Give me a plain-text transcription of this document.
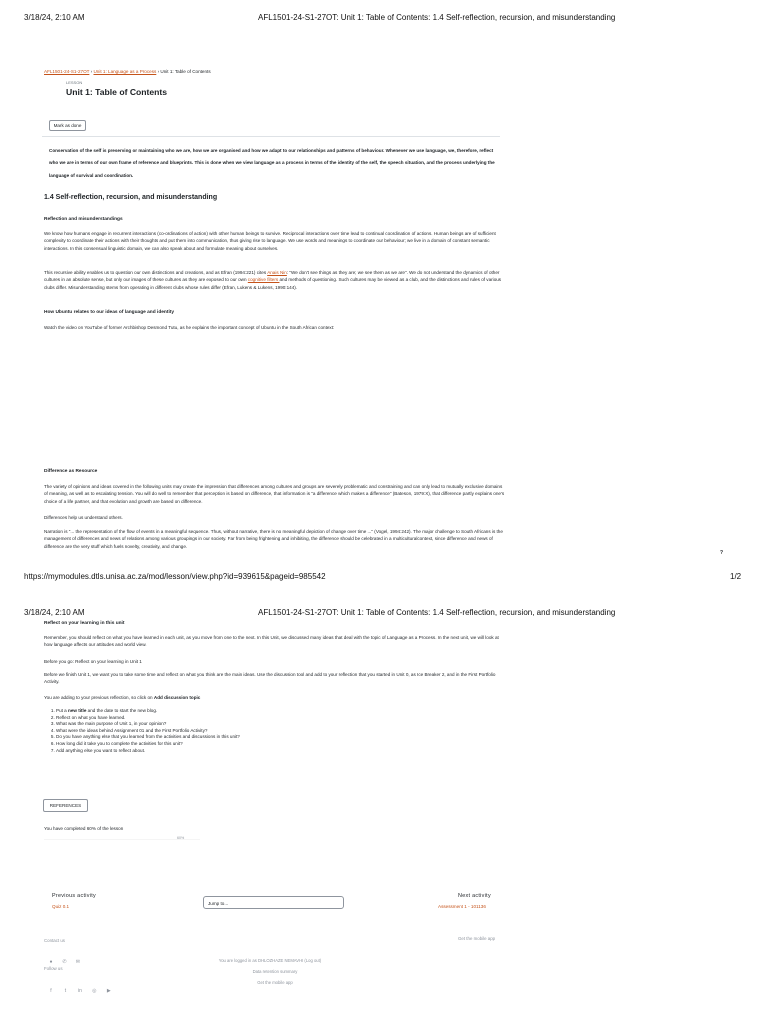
3/18/24, 2:10 AM	AFL1501-24-S1-27OT: Unit 1: Table of Contents: 1.4 Self-reflection, recursion, and misunderstanding
AFL1501-24-S1-27OT › Unit 1: Language as a Process › Unit 1: Table of Contents
LESSON
Unit 1: Table of Contents
Mark as done
Conservation of the self is preserving or maintaining who we are, how we are organised and how we adapt to our relationships and patterns of behaviour. Whenever we use language, we, therefore, reflect who we are in terms of our own frame of reference and blueprints. This is done when we view language as a process in terms of the identity of the self, the speech situation, and the process underlying the language of survival and coordination.
1.4 Self-reflection, recursion, and misunderstanding
Reflection and misunderstandings
We know how humans engage in recurrent interactions (co-ordinations of action) with other human beings to survive. Reciprocal interactions over time lead to continual coordination of actions. Human beings are of sufficient complexity to coordinate their actions with their thoughts and put them into communication, thus giving rise to language. We use words and meanings to coordinate our behaviour; we live in a domain of constant semantic interactions. In this consensual linguistic domain, we can also speak about and formulate meaning about ourselves.
This recursive ability enables us to question our own distinctions and creations, and as Efran (1994:221) cites Anais Nin: "We don't see things as they are; we see them as we are". We do not understand the dynamics of other cultures in an absolute sense, but only our images of these cultures as they are exposed to our own cognitive filters and methods of questioning. Such cultures may be viewed as a club, and the distinctions and rules of various clubs differ. Misunderstanding stems from operating in different clubs whose rules differ (Efran, Lukens & Lukens, 1990:144).
How Ubuntu relates to our ideas of language and identity
Watch the video on YouTube of former Archbishop Desmond Tutu, as he explains the important concept of Ubuntu in the South African context:
Difference as Resource
The variety of opinions and ideas covered in the following units may create the impression that differences among cultures and groups are severely problematic and constraining and can only lead to mutually exclusive domains of meaning, as well as to escalating tension. You will do well to remember that perception is based on difference, that information is "a difference which makes a difference" (Bateson, 1979:X), that difference partly explains one's choice of a life partner, and that evolution and growth are based on difference.
Differences help us understand others.
Narration is "... the representation of the flow of events in a meaningful sequence. Thus, without narrative, there is no meaningful depiction of change over time ..." (Vogel, 1994:242). The major challenge to South Africans is the management of differences and news of relations among various groupings in our society. Far from being frightening and inhibiting, the difference should be celebrated in a multiculturalcontext, since difference and news of difference are the very stuff which fuels novelty, creativity, and change.
?
https://mymodules.dtls.unisa.ac.za/mod/lesson/view.php?id=939615&pageid=985542	1/2
3/18/24, 2:10 AM	AFL1501-24-S1-27OT: Unit 1: Table of Contents: 1.4 Self-reflection, recursion, and misunderstanding
Reflect on your learning in this unit
Remember, you should reflect on what you have learned in each unit, as you move from one to the next. In this Unit, we discussed many ideas that deal with the topic of Language as a Process. In the next unit, we will look at how language affects our attitudes and world view.
Before you go: Reflect on your learning in Unit 1
Before we finish Unit 1, we want you to take some time and reflect on what you think are the main ideas. Use the discussion tool and add to your reflection that you started in Unit 0, as Ice Breaker 2, and in the First Portfolio Activity.
You are adding to your previous reflection, so click on Add discussion topic
1. Put a new title and the date to start the new blog.
2. Reflect on what you have learned.
3. What was the main purpose of Unit 1, in your opinion?
4. What were the ideas behind Assignment 01 and the First Portfolio Activity?
5. Do you have anything else that you learned from the activities and discussions in this unit?
6. How long did it take you to complete the activities for this unit?
7. Add anything else you want to reflect about.
REFERENCES
You have completed 60% of the lesson
60%
Previous activity
Quiz 0.1
Jump to...
Next activity
Assessment 1 - 101136
Contact us
● ✆ ✉
Follow us
f	t in ◎ ▶
Get the mobile app
You are logged in as DHLOZHAZE NEMAVHI (Log out)
Data retention summary
Get the mobile app
